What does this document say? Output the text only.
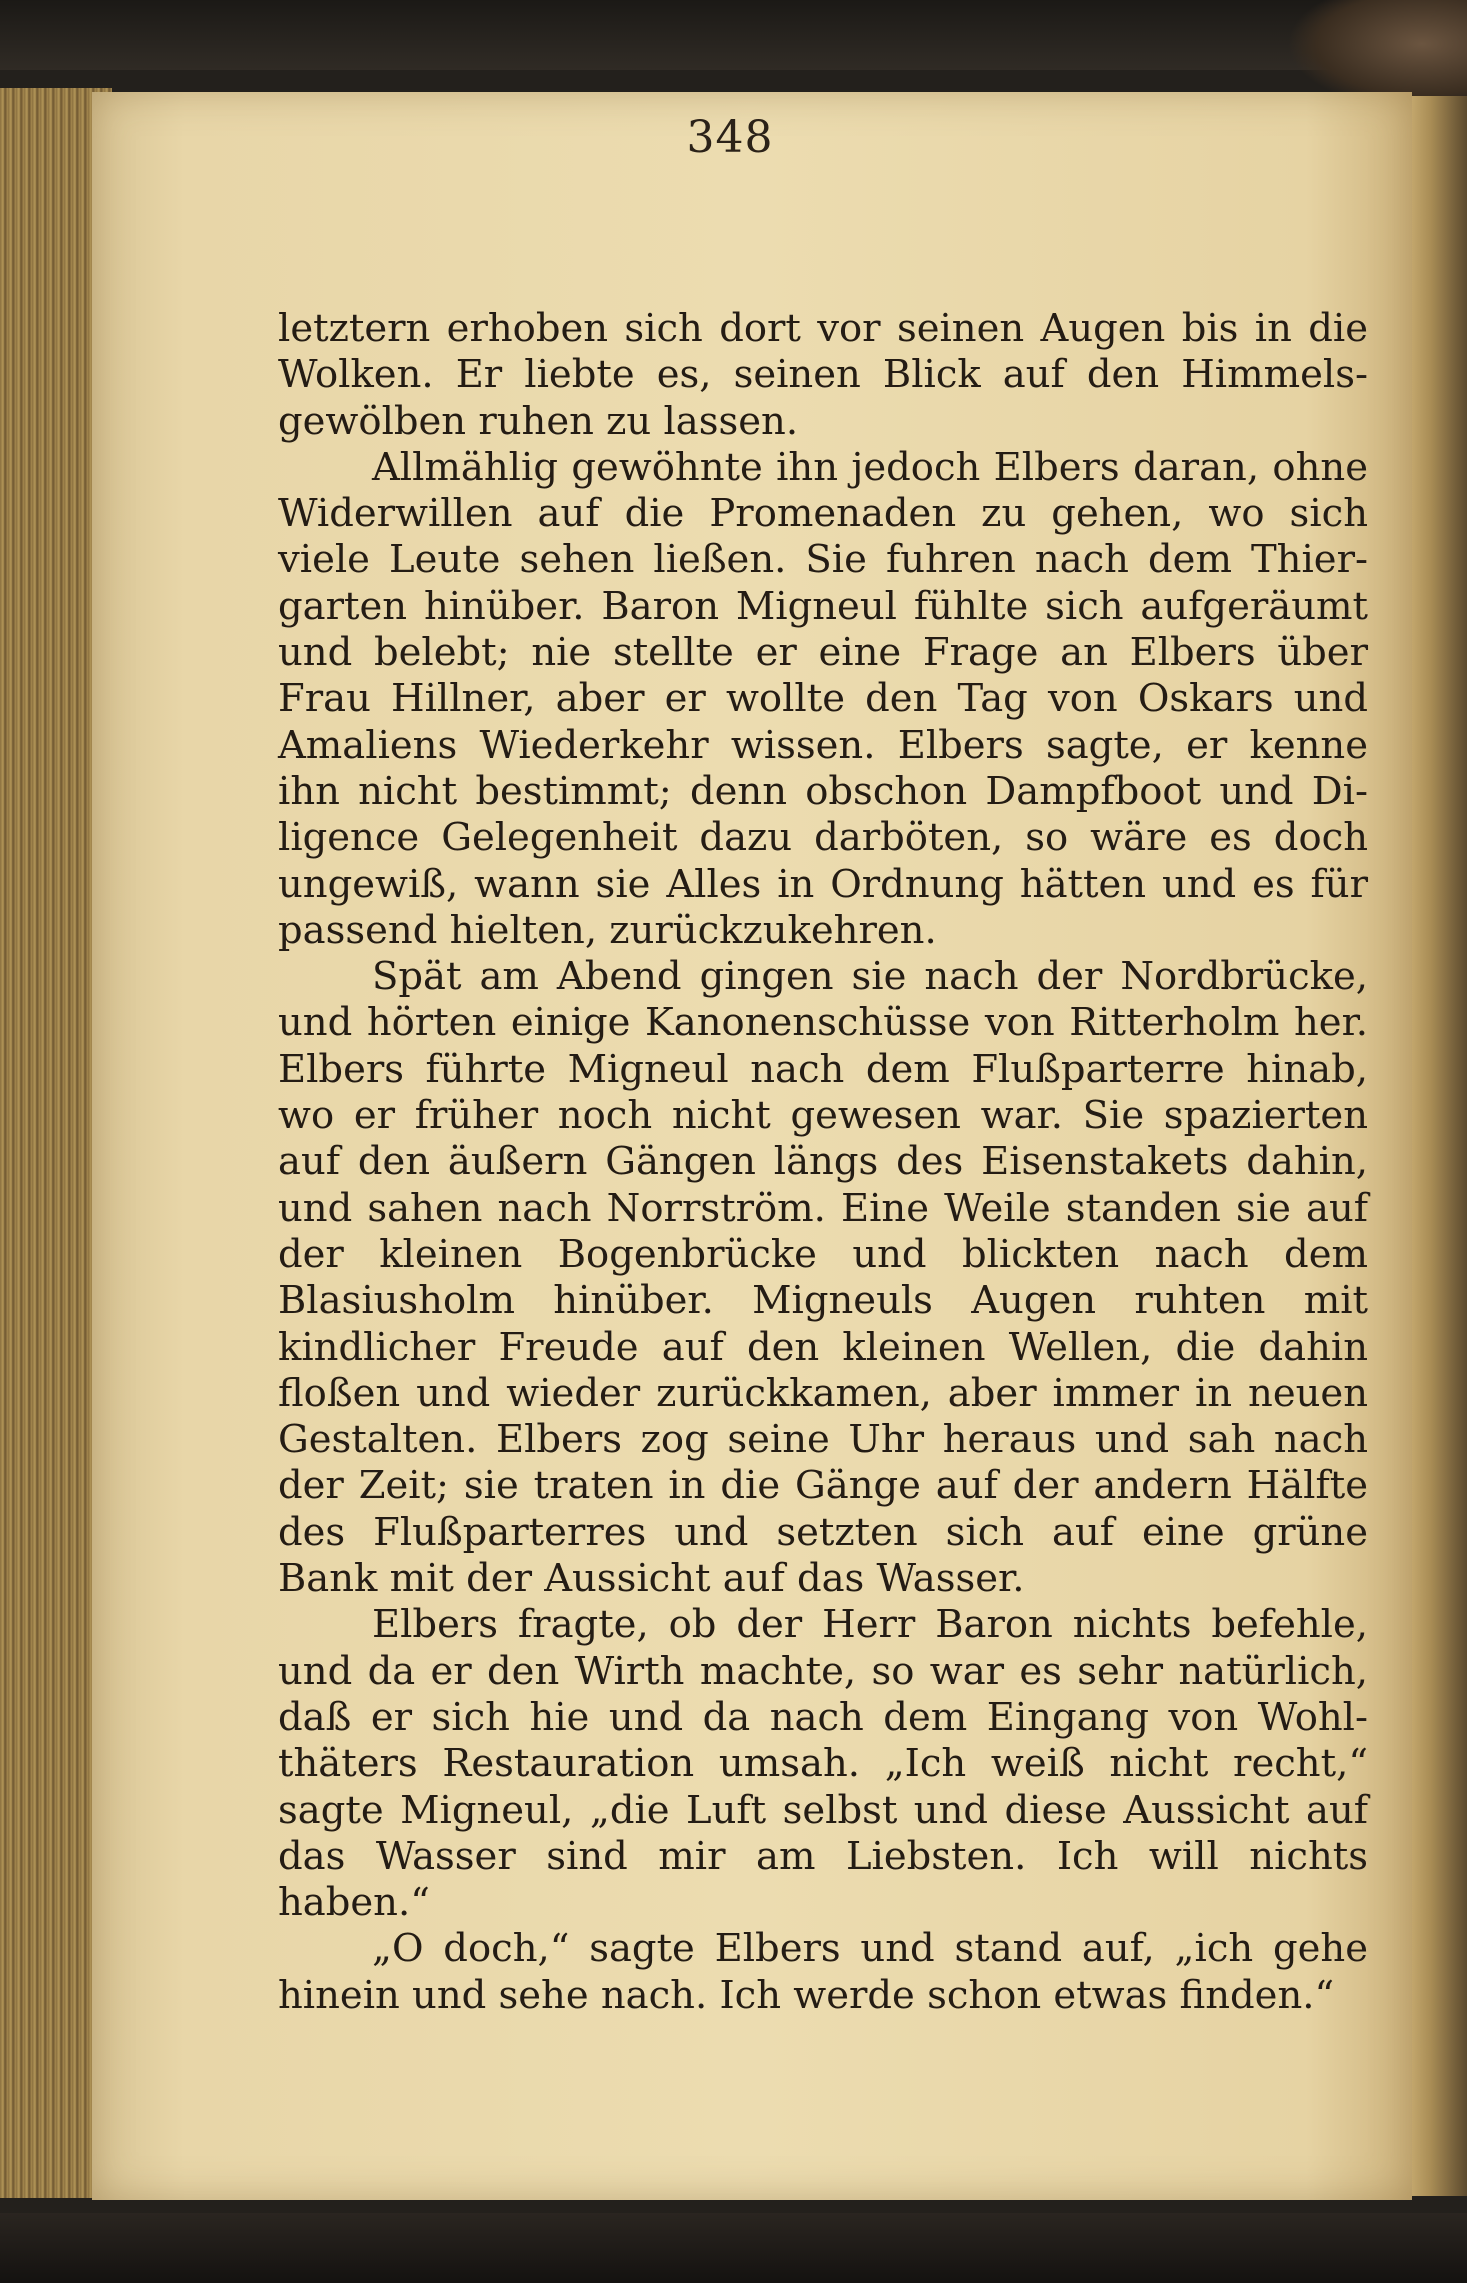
348

letztern erhoben sich dort vor seinen Augen bis in die Wolken. Er liebte es, seinen Blick auf den Himmelsgewölben ruhen zu lassen.

Allmählig gewöhnte ihn jedoch Elbers daran, ohne Widerwillen auf die Promenaden zu gehen, wo sich viele Leute sehen ließen. Sie fuhren nach dem Thiergarten hinüber. Baron Migneul fühlte sich aufgeräumt und belebt; nie stellte er eine Frage an Elbers über Frau Hillner, aber er wollte den Tag von Oskars und Amaliens Wiederkehr wissen. Elbers sagte, er kenne ihn nicht bestimmt; denn obschon Dampfboot und Diligence Gelegenheit dazu darböten, so wäre es doch ungewiß, wann sie Alles in Ordnung hätten und es für passend hielten, zurückzukehren.

Spät am Abend gingen sie nach der Nordbrücke, und hörten einige Kanonenschüsse von Ritterholm her. Elbers führte Migneul nach dem Flußparterre hinab, wo er früher noch nicht gewesen war. Sie spazierten auf den äußern Gängen längs des Eisenstakets dahin, und sahen nach Norrström. Eine Weile standen sie auf der kleinen Bogenbrücke und blickten nach dem Blasiusholm hinüber. Migneuls Augen ruhten mit kindlicher Freude auf den kleinen Wellen, die dahin floßen und wieder zurückkamen, aber immer in neuen Gestalten. Elbers zog seine Uhr heraus und sah nach der Zeit; sie traten in die Gänge auf der andern Hälfte des Flußparterres und setzten sich auf eine grüne Bank mit der Aussicht auf das Wasser.

Elbers fragte, ob der Herr Baron nichts befehle, und da er den Wirth machte, so war es sehr natürlich, daß er sich hie und da nach dem Eingang von Wohlthäters Restauration umsah. „Ich weiß nicht recht,“ sagte Migneul, „die Luft selbst und diese Aussicht auf das Wasser sind mir am Liebsten. Ich will nichts haben.“

„O doch,“ sagte Elbers und stand auf, „ich gehe hinein und sehe nach. Ich werde schon etwas finden.“
